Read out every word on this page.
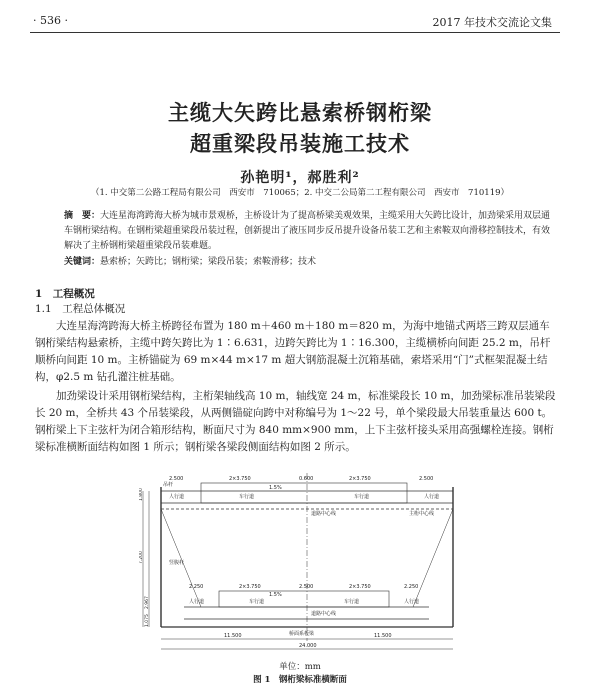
· 536 ·	2017 年技术交流论文集
主缆大矢跨比悬索桥钢桁梁
超重梁段吊装施工技术
孙艳明¹，郝胜利²
（1. 中交第二公路工程局有限公司　西安市　710065；2. 中交二公局第二工程有限公司　西安市　710119）
摘　要：大连星海湾跨海大桥为城市景观桥，主桥设计为了提高桥梁美观效果，主缆采用大矢跨比设计，加劲梁采用双层通车钢桁梁结构。在钢桁梁超重梁段吊装过程，创新提出了液压同步反吊提升设备吊装工艺和主索鞍双向滑移控制技术，有效解决了主桥钢桁梁超重梁段吊装难题。
关键词：悬索桥；矢跨比；钢桁梁；梁段吊装；索鞍滑移；技术
1　工程概况
1.1　工程总体概况
大连星海湾跨海大桥主桥跨径布置为 180 m＋460 m＋180 m＝820 m，为海中地锚式两塔三跨双层通车钢桁梁结构悬索桥，主缆中跨矢跨比为 1∶6.631，边跨矢跨比为 1∶16.300，主缆横桥向间距 25.2 m，吊杆顺桥向间距 10 m。主桥锚碇为 69 m×44 m×17 m 超大钢筋混凝土沉箱基础，索塔采用“门”式框架混凝土结构，φ2.5 m 钻孔灌注桩基础。
加劲梁设计采用钢桁梁结构，主桁架轴线高 10 m，轴线宽 24 m，标准梁段长 10 m，加劲梁标准吊装梁段长 20 m，全桥共 43 个吊装梁段，从两侧锚碇向跨中对称编号为 1～22 号，单个梁段最大吊装重量达 600 t。钢桁梁上下主弦杆为闭合箱形结构，断面尺寸为 840 mm×900 mm，上下主弦杆接头采用高强螺栓连接。钢桁梁标准横断面结构如图 1 所示；钢桁梁各梁段侧面结构如图 2 所示。
2.500	2×3.750	0.600	2×3.750	2.500
人行道	车行道	车行道	人行道
1.5%
吊杆
道路中心线	主桁中心线
竖腹杆
2.250	2×3.750	2.500	2×3.750	2.250
人行道	车行道	车行道	人行道
1.5%
道路中心线
桥面系板梁
11.500	11.500
24.000
1.800
7.200
2.967
1.075
单位：mm
图 1　钢桁梁标准横断面
